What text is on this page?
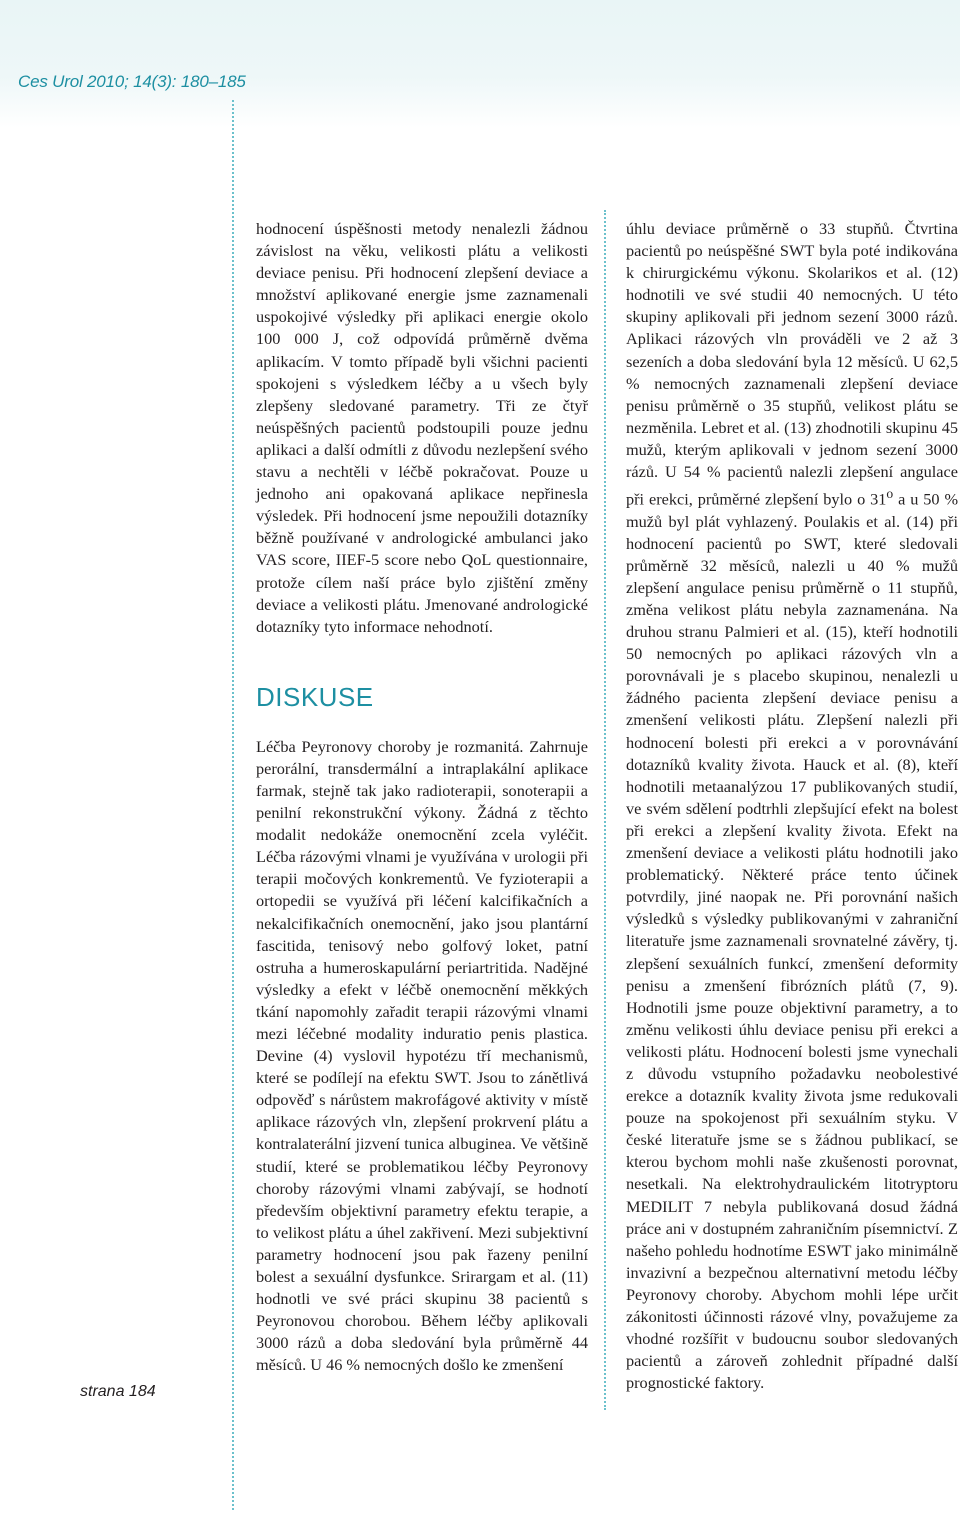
Ces Urol 2010; 14(3): 180–185
strana 184

hodnocení úspěšnosti metody nenalezli žádnou závislost na věku, velikosti plátu a velikosti deviace penisu. Při hodnocení zlepšení deviace a množství aplikované energie jsme zaznamenali uspokojivé výsledky při aplikaci energie okolo 100 000 J, což odpovídá průměrně dvěma aplikacím. V tomto případě byli všichni pacienti spokojeni s výsledkem léčby a u všech byly zlepšeny sledované parametry. Tři ze čtyř neúspěšných pacientů podstoupili pouze jednu aplikaci a další odmítli z důvodu nezlepšení svého stavu a nechtěli v léčbě pokračovat. Pouze u jednoho ani opakovaná aplikace nepřinesla výsledek. Při hodnocení jsme nepoužili dotazníky běžně používané v andrologické ambulanci jako VAS score, IIEF-5 score nebo QoL questionnaire, protože cílem naší práce bylo zjištění změny deviace a velikosti plátu. Jmenované andrologické dotazníky tyto informace nehodnotí.

DISKUSE

Léčba Peyronovy choroby je rozmanitá. Zahrnuje perorální, transdermální a intraplakální aplikace farmak, stejně tak jako radioterapii, sonoterapii a penilní rekonstrukční výkony. Žádná z těchto modalit nedokáže onemocnění zcela vyléčit. Léčba rázovými vlnami je využívána v urologii při terapii močových konkrementů. Ve fyzioterapii a ortopedii se využívá při léčení kalcifikačních a nekalcifikačních onemocnění, jako jsou plantární fascitida, tenisový nebo golfový loket, patní ostruha a humeroskapulární periartritida. Nadějné výsledky a efekt v léčbě onemocnění měkkých tkání napomohly zařadit terapii rázovými vlnami mezi léčebné modality induratio penis plastica. Devine (4) vyslovil hypotézu tří mechanismů, které se podílejí na efektu SWT. Jsou to zánětlivá odpověď s nárůstem makrofágové aktivity v místě aplikace rázových vln, zlepšení prokrvení plátu a kontralaterální jizvení tunica albuginea. Ve většině studií, které se problematikou léčby Peyronovy choroby rázovými vlnami zabývají, se hodnotí především objektivní parametry efektu terapie, a to velikost plátu a úhel zakřivení. Mezi subjektivní parametry hodnocení jsou pak řazeny penilní bolest a sexuální dysfunkce. Srirargam et al. (11) hodnotli ve své práci skupinu 38 pacientů s Peyronovou chorobou. Během léčby aplikovali 3000 rázů a doba sledování byla průměrně 44 měsíců. U 46 % nemocných došlo ke zmenšení

úhlu deviace průměrně o 33 stupňů. Čtvrtina pacientů po neúspěšné SWT byla poté indikována k chirurgickému výkonu. Skolarikos et al. (12) hodnotili ve své studii 40 nemocných. U této skupiny aplikovali při jednom sezení 3000 rázů. Aplikaci rázových vln prováděli ve 2 až 3 sezeních a doba sledování byla 12 měsíců. U 62,5 % nemocných zaznamenali zlepšení deviace penisu průměrně o 35 stupňů, velikost plátu se nezměnila. Lebret et al. (13) zhodnotili skupinu 45 mužů, kterým aplikovali v jednom sezení 3000 rázů. U 54 % pacientů nalezli zlepšení angulace při erekci, průměrné zlepšení bylo o 31$^o$ a u 50 % mužů byl plát vyhlazený. Poulakis et al. (14) při hodnocení pacientů po SWT, které sledovali průměrně 32 měsíců, nalezli u 40 % mužů zlepšení angulace penisu průměrně o 11 stupňů, změna velikost plátu nebyla zaznamenána. Na druhou stranu Palmieri et al. (15), kteří hodnotili 50 nemocných po aplikaci rázových vln a porovnávali je s placebo skupinou, nenalezli u žádného pacienta zlepšení deviace penisu a zmenšení velikosti plátu. Zlepšení nalezli při hodnocení bolesti při erekci a v porovnávání dotazníků kvality života. Hauck et al. (8), kteří hodnotili metaanalýzou 17 publikovaných studií, ve svém sdělení podtrhli zlepšující efekt na bolest při erekci a zlepšení kvality života. Efekt na zmenšení deviace a velikosti plátu hodnotili jako problematický. Některé práce tento účinek potvrdily, jiné naopak ne. Při porovnání našich výsledků s výsledky publikovanými v zahraniční literatuře jsme zaznamenali srovnatelné závěry, tj. zlepšení sexuálních funkcí, zmenšení deformity penisu a zmenšení fibrózních plátů (7, 9). Hodnotili jsme pouze objektivní parametry, a to změnu velikosti úhlu deviace penisu při erekci a velikosti plátu. Hodnocení bolesti jsme vynechali z důvodu vstupního požadavku neobolestivé erekce a dotazník kvality života jsme redukovali pouze na spokojenost při sexuálním styku. V české literatuře jsme se s žádnou publikací, se kterou bychom mohli naše zkušenosti porovnat, nesetkali. Na elektrohydraulickém litotryptoru MEDILIT 7 nebyla publikovaná dosud žádná práce ani v dostupném zahraničním písemnictví. Z našeho pohledu hodnotíme ESWT jako minimálně invazivní a bezpečnou alternativní metodu léčby Peyronovy choroby. Abychom mohli lépe určit zákonitosti účinnosti rázové vlny, považujeme za vhodné rozšířit v budoucnu soubor sledovaných pacientů a zároveň zohlednit případné další prognostické faktory.
